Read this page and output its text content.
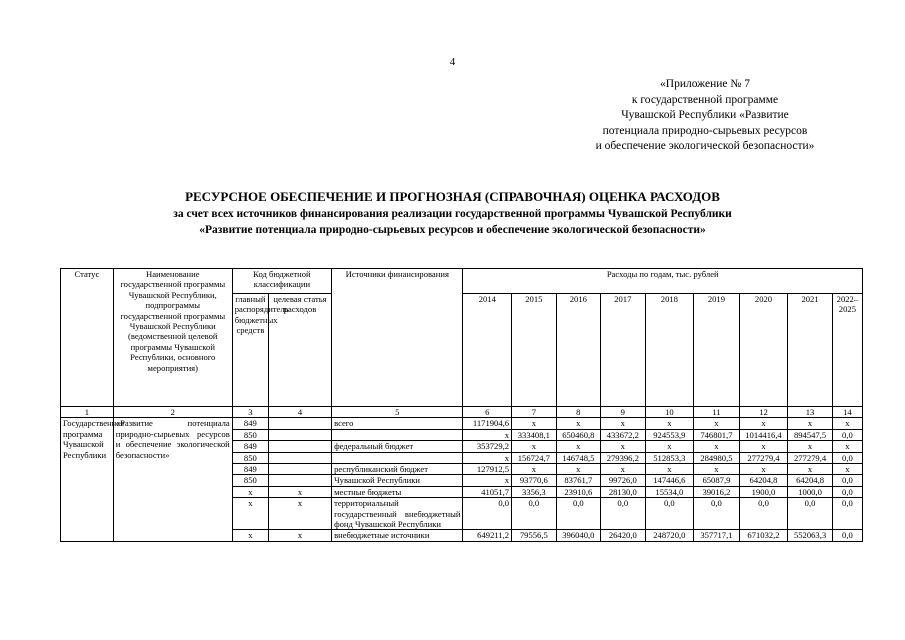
4
«Приложение № 7
к государственной программе
Чувашской Республики «Развитие
потенциала природно-сырьевых ресурсов
и обеспечение экологической безопасности»
РЕСУРСНОЕ ОБЕСПЕЧЕНИЕ И ПРОГНОЗНАЯ (СПРАВОЧНАЯ) ОЦЕНКА РАСХОДОВ
за счет всех источников финансирования реализации государственной программы Чувашской Республики
«Развитие потенциала природно-сырьевых ресурсов и обеспечение экологической безопасности»
Статус	Наименование государственной программы Чувашской Республики, подпрограммы государственной программы Чувашской Республики (ведомственной целевой программы Чувашской Республики, основного мероприятия)	Код бюджетной классификации		Источники финансирования	Расходы по годам, тыс. рублей								
		главный распорядитель бюджетных средств	целевая статья расходов		2014	2015	2016	2017	2018	2019	2020	2021	2022–2025
1	2	3	4	5	6	7	8	9	10	11	12	13	14
Государственная программа Чувашской Республики	«Развитие потенциала природно-сырьевых ресурсов и обеспечение экологической безопасности»	849		всего	1171904,6	x	x	x	x	x	x	x	x
		850			x	333408,1	650460,8	433672,2	924553,9	746801,7	1014416,4	894547,5	0,0
		849		федеральный бюджет	353729,2	x	x	x	x	x	x	x	x
		850			x	156724,7	146748,5	279396,2	512853,3	284980,5	277279,4	277279,4	0,0
		849		республиканский бюджет	127912,5	x	x	x	x	x	x	x	x
		850		Чувашской Республики	x	93770,6	83761,7	99726,0	147446,6	65087,9	64204,8	64204,8	0,0
		x	x	местные бюджеты	41051,7	3356,3	23910,6	28130,0	15534,0	39016,2	1900,0	1000,0	0,0
		x	x	территориальный государственный внебюджетный фонд Чувашской Республики	0,0	0,0	0,0	0,0	0,0	0,0	0,0	0,0	0,0
		x	x	внебюджетные источники	649211,2	79556,5	396040,0	26420,0	248720,0	357717,1	671032,2	552063,3	0,0
